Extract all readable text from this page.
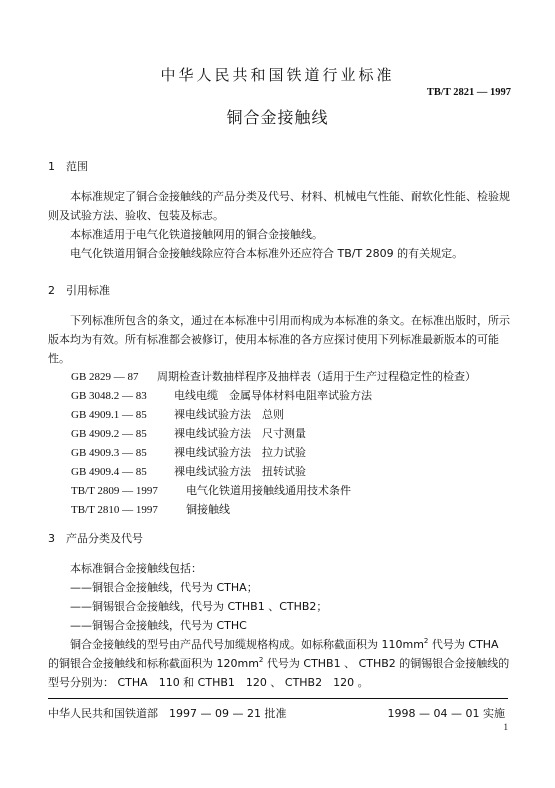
中华人民共和国铁道行业标准
TB/T 2821 — 1997
铜合金接触线
1　范围
本标准规定了铜合金接触线的产品分类及代号、材料、机械电气性能、耐软化性能、检验规则及试验方法、验收、包装及标志。
本标准适用于电气化铁道接触网用的铜合金接触线。
电气化铁道用铜合金接触线除应符合本标准外还应符合 TB/T 2809 的有关规定。
2　引用标准
下列标准所包含的条文，通过在本标准中引用而构成为本标准的条文。在标准出版时，所示版本均为有效。所有标准都会被修订，使用本标准的各方应探讨使用下列标准最新版本的可能性。
GB 2829 — 87 周期检查计数抽样程序及抽样表（适用于生产过程稳定性的检查）
GB 3048.2 — 83 电线电缆　金属导体材料电阻率试验方法
GB 4909.1 — 85 裸电线试验方法　总则
GB 4909.2 — 85 裸电线试验方法　尺寸测量
GB 4909.3 — 85 裸电线试验方法　拉力试验
GB 4909.4 — 85 裸电线试验方法　扭转试验
TB/T 2809 — 1997	电气化铁道用接触线通用技术条件
TB/T 2810 — 1997	铜接触线
3　产品分类及代号
本标准铜合金接触线包括：
——铜银合金接触线，代号为 CTHA；
——铜锡银合金接触线，代号为 CTHB1 、CTHB2；
——铜锡合金接触线，代号为 CTHC
铜合金接触线的型号由产品代号加缆规格构成。如标称截面积为 $110mm^2$ 代号为 CTHA
的铜银合金接触线和标称截面积为 $120mm^2$ 代号为 CTHB1 、 CTHB2 的铜锡银合金接触线的
型号分别为： CTHA　110 和 CTHB1　120 、 CTHB2　120 。
中华人民共和国铁道部　1997 — 09 — 21 批准	1998 — 04 — 01 实施
1
